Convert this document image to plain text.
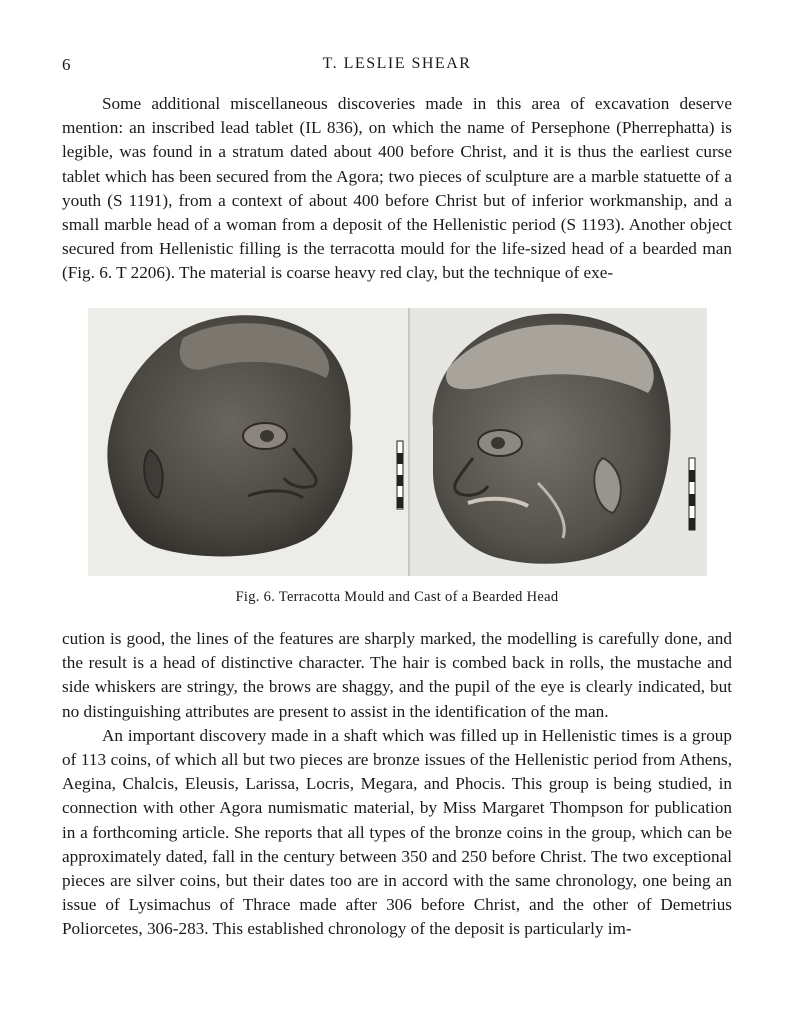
6	T. LESLIE SHEAR

Some additional miscellaneous discoveries made in this area of excavation deserve mention: an inscribed lead tablet (IL 836), on which the name of Persephone (Pherrephatta) is legible, was found in a stratum dated about 400 before Christ, and it is thus the earliest curse tablet which has been secured from the Agora; two pieces of sculpture are a marble statuette of a youth (S 1191), from a context of about 400 before Christ but of inferior workmanship, and a small marble head of a woman from a deposit of the Hellenistic period (S 1193). Another object secured from Hellenistic filling is the terracotta mould for the life-sized head of a bearded man (Fig. 6. T 2206). The material is coarse heavy red clay, but the technique of exe-

Fig. 6. Terracotta Mould and Cast of a Bearded Head

cution is good, the lines of the features are sharply marked, the modelling is carefully done, and the result is a head of distinctive character. The hair is combed back in rolls, the mustache and side whiskers are stringy, the brows are shaggy, and the pupil of the eye is clearly indicated, but no distinguishing attributes are present to assist in the identification of the man.

An important discovery made in a shaft which was filled up in Hellenistic times is a group of 113 coins, of which all but two pieces are bronze issues of the Hellenistic period from Athens, Aegina, Chalcis, Eleusis, Larissa, Locris, Megara, and Phocis. This group is being studied, in connection with other Agora numismatic material, by Miss Margaret Thompson for publication in a forthcoming article. She reports that all types of the bronze coins in the group, which can be approximately dated, fall in the century between 350 and 250 before Christ. The two exceptional pieces are silver coins, but their dates too are in accord with the same chronology, one being an issue of Lysimachus of Thrace made after 306 before Christ, and the other of Demetrius Poliorcetes, 306-283. This established chronology of the deposit is particularly im-
